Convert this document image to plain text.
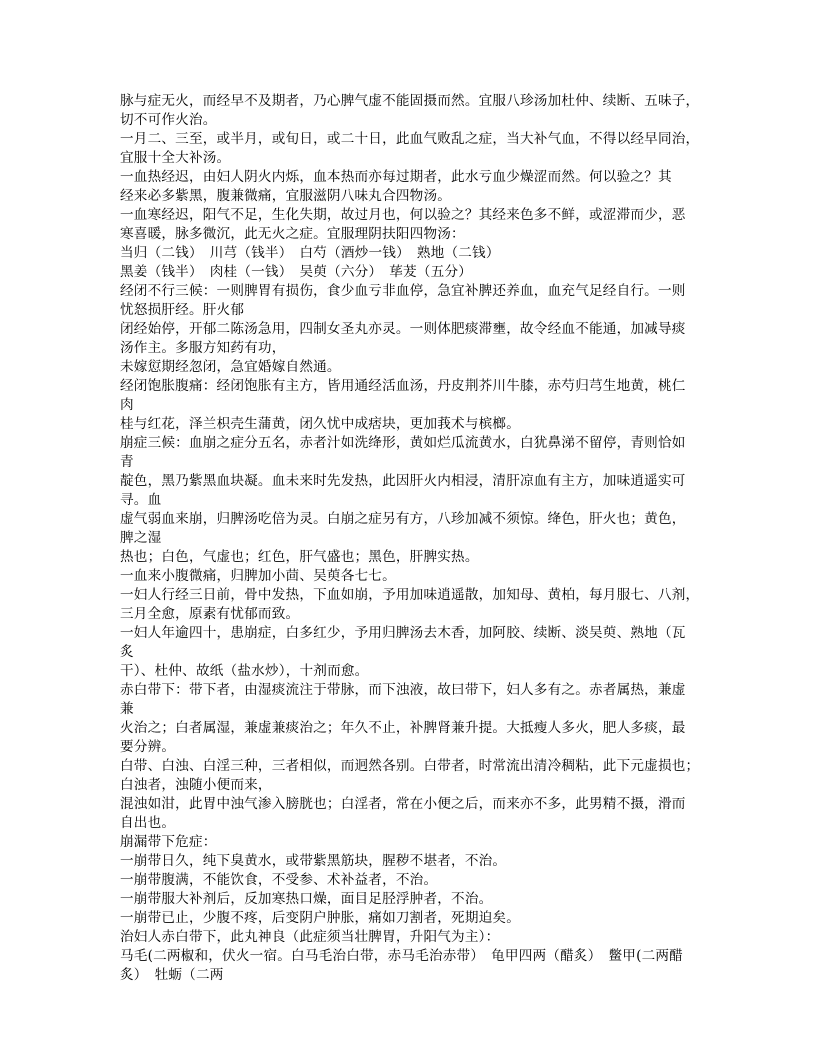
脉与症无火，而经早不及期者，乃心脾气虚不能固摄而然。宜服八珍汤加杜仲、续断、五味子，
切不可作火治。
一月二、三至，或半月，或旬日，或二十日，此血气败乱之症，当大补气血，不得以经早同治，
宜服十全大补汤。
一血热经迟，由妇人阴火内烁，血本热而亦每过期者，此水亏血少燥涩而然。何以验之？其
经来必多紫黑，腹兼微痛，宜服滋阴八味丸合四物汤。
一血寒经迟，阳气不足，生化失期，故过月也，何以验之？其经来色多不鲜，或涩滞而少，恶
寒喜暖，脉多微沉，此无火之症。宜服理阴扶阳四物汤：
当归（二钱）　川芎（钱半）　白芍（酒炒一钱）　熟地（二钱）
黑姜（钱半）　肉桂（一钱）　吴萸（六分）　荜茇（五分）
经闭不行三候：一则脾胃有损伤，食少血亏非血停，急宜补脾还养血，血充气足经自行。一则
忧怒损肝经。肝火郁
闭经始停，开郁二陈汤急用，四制女圣丸亦灵。一则体肥痰滞壅，故令经血不能通，加减导痰
汤作主。多服方知药有功，
未嫁愆期经忽闭，急宜婚嫁自然通。
经闭饱胀腹痛：经闭饱胀有主方，皆用通经活血汤，丹皮荆芥川牛膝，赤芍归芎生地黄，桃仁
肉
桂与红花，泽兰枳壳生蒲黄，闭久忧中成痞块，更加莪术与槟榔。
崩症三候：血崩之症分五名，赤者汁如洗绛形，黄如烂瓜流黄水，白犹鼻涕不留停，青则恰如
青
靛色，黑乃紫黑血块凝。血未来时先发热，此因肝火内相浸，清肝凉血有主方，加味逍遥实可
寻。血
虚气弱血来崩，归脾汤吃倍为灵。白崩之症另有方，八珍加减不须惊。绛色，肝火也；黄色，
脾之湿
热也；白色，气虚也；红色，肝气盛也；黑色，肝脾实热。
一血来小腹微痛，归脾加小茴、吴萸各七七。
一妇人行经三日前，骨中发热，下血如崩，予用加味逍遥散，加知母、黄柏，每月服七、八剂，
三月全愈，原素有忧郁而致。
一妇人年逾四十，患崩症，白多红少，予用归脾汤去木香，加阿胶、续断、淡吴萸、熟地（瓦
炙
干）、杜仲、故纸（盐水炒），十剂而愈。
赤白带下：带下者，由湿痰流注于带脉，而下浊液，故曰带下，妇人多有之。赤者属热，兼虚
兼
火治之；白者属湿，兼虚兼痰治之；年久不止，补脾肾兼升提。大抵瘦人多火，肥人多痰，最
要分辨。
白带、白浊、白淫三种，三者相似，而迥然各别。白带者，时常流出清冷稠粘，此下元虚损也；
白浊者，浊随小便而来，
混浊如泔，此胃中浊气渗入膀胱也；白淫者，常在小便之后，而来亦不多，此男精不摄，滑而
自出也。
崩漏带下危症：
一崩带日久，纯下臭黄水，或带紫黑筋块，腥秽不堪者，不治。
一崩带腹满，不能饮食，不受参、术补益者，不治。
一崩带服大补剂后，反加寒热口燥，面目足胫浮肿者，不治。
一崩带已止，少腹不疼，后变阴户肿胀，痛如刀割者，死期迫矣。
治妇人赤白带下，此丸神良（此症须当壮脾胃，升阳气为主）：
马毛(二两椒和，伏火一宿。白马毛治白带，赤马毛治赤带）　龟甲四两（醋炙）　鳖甲(二两醋
炙）　牡蛎（二两
